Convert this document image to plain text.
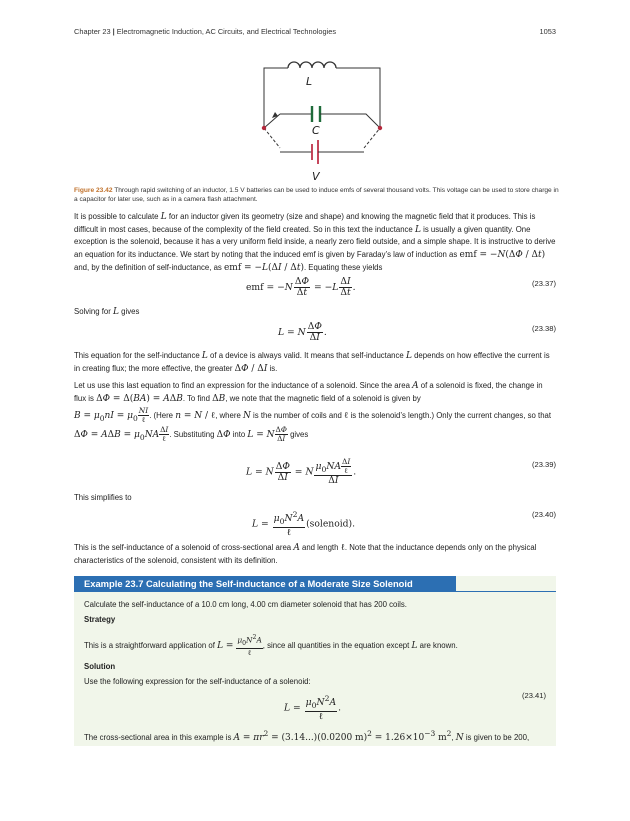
Chapter 23 | Electromagnetic Induction, AC Circuits, and Electrical Technologies	1053
L
C
V
Figure 23.42 Through rapid switching of an inductor, 1.5 V batteries can be used to induce emfs of several thousand volts. This voltage can be used to store charge in a capacitor for later use, such as in a camera flash attachment.
It is possible to calculate L for an inductor given its geometry (size and shape) and knowing the magnetic field that it produces. This is difficult in most cases, because of the complexity of the field created. So in this text the inductance L is usually a given quantity. One exception is the solenoid, because it has a very uniform field inside, a nearly zero field outside, and a simple shape. It is instructive to derive an equation for its inductance. We start by noting that the induced emf is given by Faraday’s law of induction as emf = −N(ΔΦ / Δt) and, by the definition of self-inductance, as emf = −L(ΔI / Δt). Equating these yields
emf = $-N \frac{\Delta\Phi}{\Delta t} = -L \frac{\Delta I}{\Delta t}$ .	(23.37)
Solving for L gives
L = N $\frac{\Delta\Phi}{\Delta I}$ .	(23.38)
This equation for the self-inductance L of a device is always valid. It means that self-inductance L depends on how effective the current is in creating flux; the more effective, the greater ΔΦ / ΔI is.
Let us use this last equation to find an expression for the inductance of a solenoid. Since the area A of a solenoid is fixed, the change in flux is ΔΦ = Δ(BA) = AΔB. To find ΔB, we note that the magnetic field of a solenoid is given by
$B = \mu_0nI = \mu_0$
NI
ℓ . (Here n = N / ℓ, where N is the number of coils and ℓ is the solenoid’s length.) Only the current changes, so that $\Delta\Phi = A\Delta B = \mu_0NA$
ΔI
ℓ . Substituting ΔΦ into L = N $\frac{\Delta\Phi}{\Delta I}$ gives
L = N $\frac{\Delta\Phi}{\Delta I} = N$ $\mu_0NA$ ΔI
ℓ
ΔI .
(23.39)
This simplifies to
$L = \frac{\mu_0N^2A}{\text{ℓ}}$ (solenoid).
(23.40)
This is the self-inductance of a solenoid of cross-sectional area A and length ℓ. Note that the inductance depends only on the physical characteristics of the solenoid, consistent with its definition.
Example 23.7 Calculating the Self-inductance of a Moderate Size Solenoid
Calculate the self-inductance of a 10.0 cm long, 4.00 cm diameter solenoid that has 200 coils.
Strategy
This is a straightforward application of L =
$\mu_0N^2A$
ℓ
, since all quantities in the equation except L are known.
Solution
Use the following expression for the self-inductance of a solenoid:
$L = \frac{\mu_0N^2A}{\text{ℓ}}$ .
(23.41)
The cross-sectional area in this example is $A = \pi r^2 = (3.14...)(0.0200$ $m)^2 = 1.26\times 10^{-3}$ $m^2$, N is given to be 200,
